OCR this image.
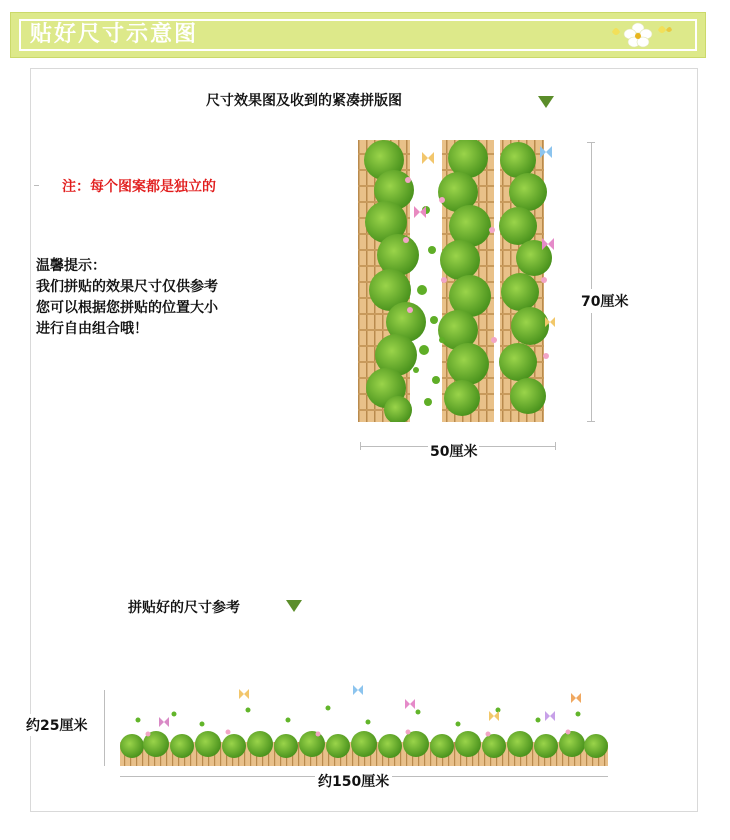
贴好尺寸示意图
尺寸效果图及收到的紧凑拼版图
注：每个图案都是独立的
温馨提示：
我们拼贴的效果尺寸仅供参考
您可以根据您拼贴的位置大小
进行自由组合哦！
70厘米
50厘米
拼贴好的尺寸参考
约25厘米
约150厘米
